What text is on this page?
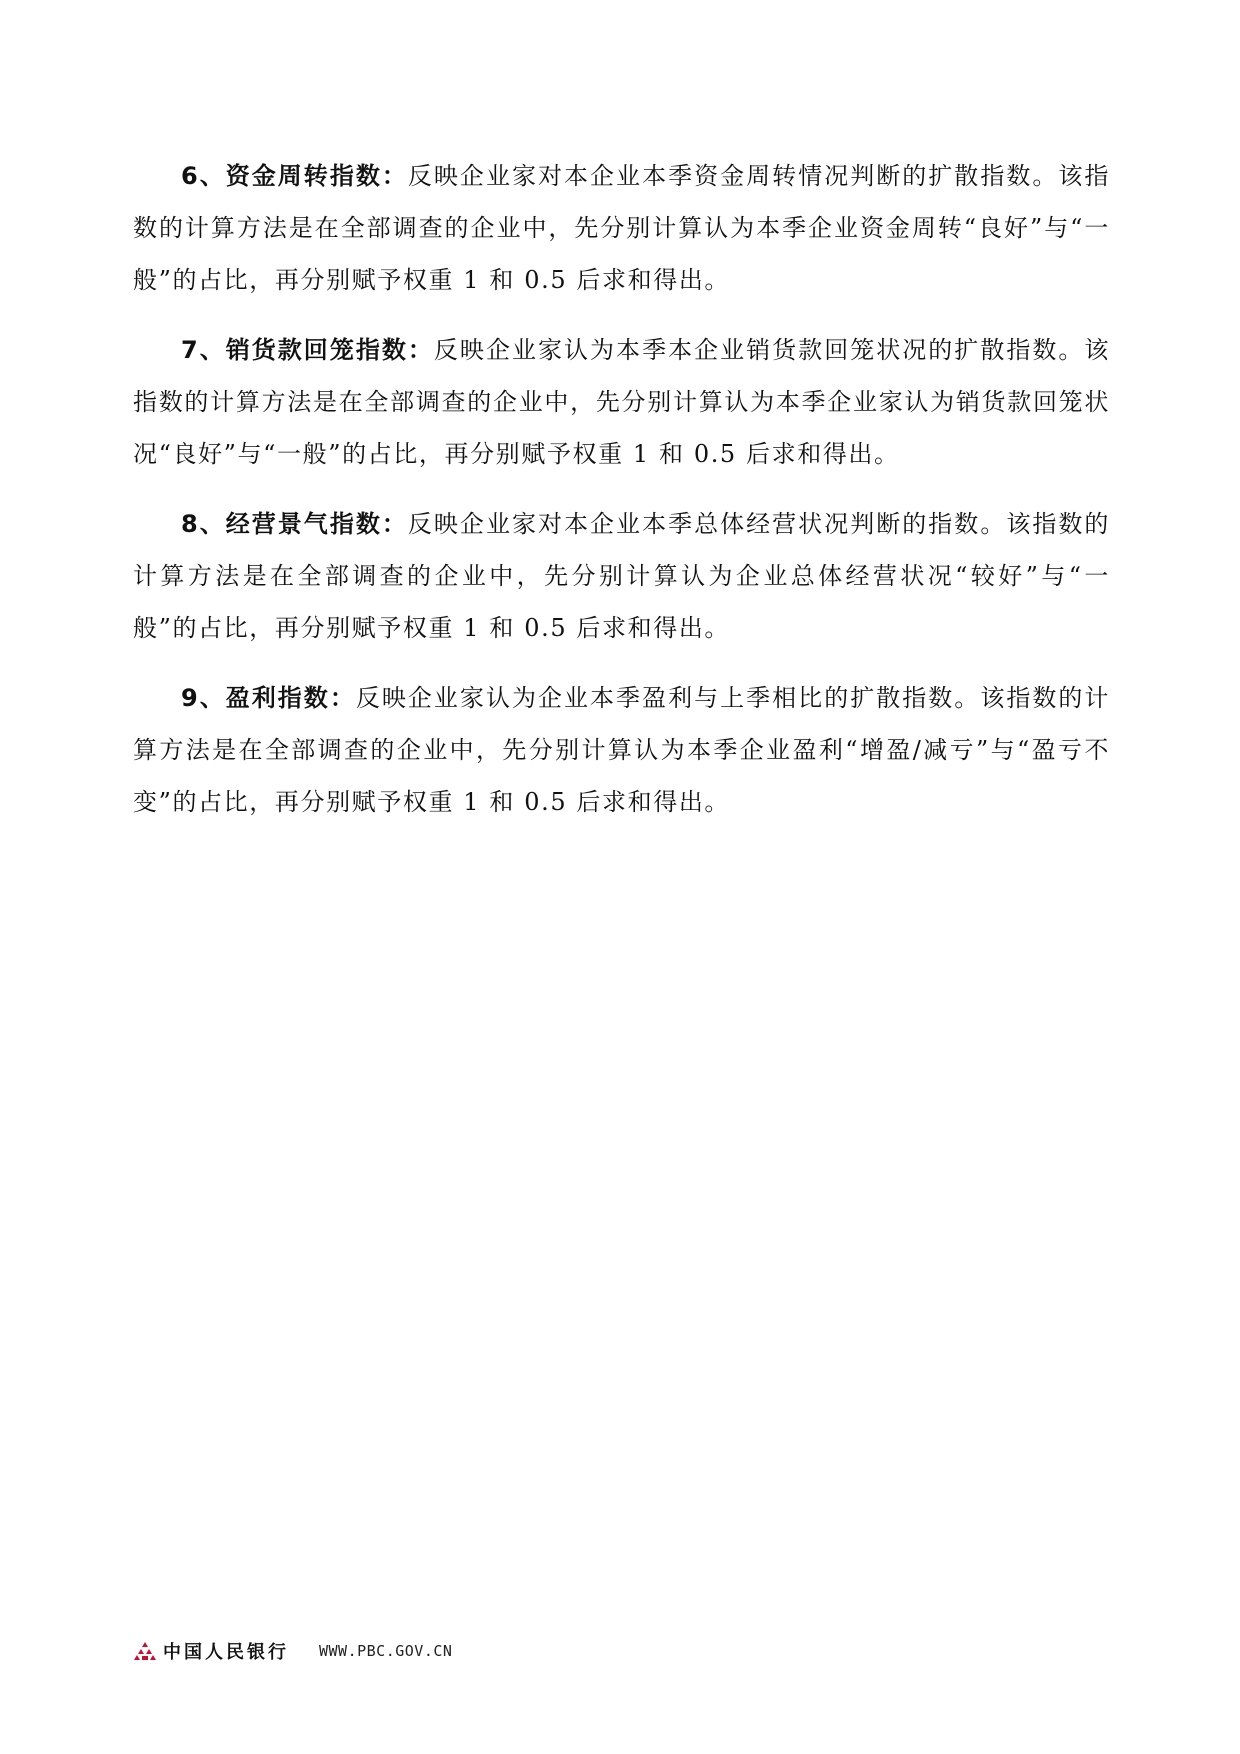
6、资金周转指数：反映企业家对本企业本季资金周转情况判断的扩散指数。该指数的计算方法是在全部调查的企业中，先分别计算认为本季企业资金周转“良好”与“一般”的占比，再分别赋予权重 1 和 0.5 后求和得出。

7、销货款回笼指数：反映企业家认为本季本企业销货款回笼状况的扩散指数。该指数的计算方法是在全部调查的企业中，先分别计算认为本季企业家认为销货款回笼状况“良好”与“一般”的占比，再分别赋予权重 1 和 0.5 后求和得出。

8、经营景气指数：反映企业家对本企业本季总体经营状况判断的指数。该指数的计算方法是在全部调查的企业中，先分别计算认为企业总体经营状况“较好”与“一般”的占比，再分别赋予权重 1 和 0.5 后求和得出。

9、盈利指数：反映企业家认为企业本季盈利与上季相比的扩散指数。该指数的计算方法是在全部调查的企业中，先分别计算认为本季企业盈利“增盈/减亏”与“盈亏不变”的占比，再分别赋予权重 1 和 0.5 后求和得出。

中国人民银行 WWW.PBC.GOV.CN
